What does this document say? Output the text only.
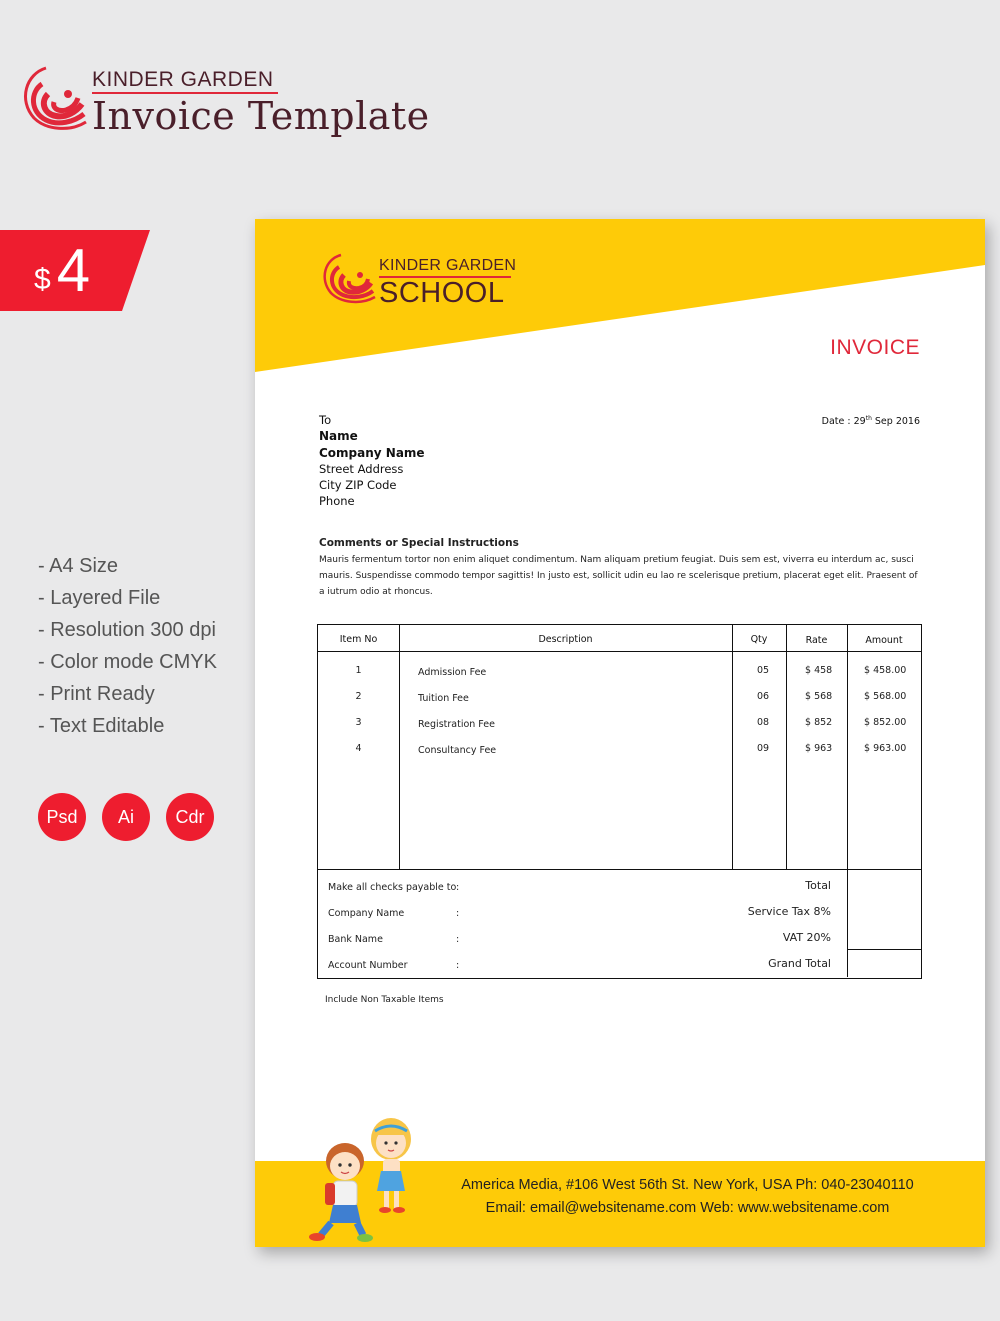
KINDER GARDEN
Invoice Template
$ 4
- A4 Size
- Layered File
- Resolution 300 dpi
- Color mode CMYK
- Print Ready
- Text Editable
Psd	Ai	Cdr
KINDER GARDEN
SCHOOL
INVOICE
To
Name
Company Name
Street Address
City ZIP Code
Phone
Date : 29th Sep 2016
Comments or Special Instructions

Mauris fermentum tortor non enim aliquet condimentum. Nam aliquam pretium feugiat. Duis sem est, viverra eu interdum ac, susci mauris. Suspendisse commodo tempor sagittis! In justo est, sollicit udin eu lao re scelerisque pretium, placerat eget elit. Praesent of a iutrum odio at rhoncus.

Item No	Description	Qty	Rate	Amount
1	Admission Fee	05	$ 458	$ 458.00
2	Tuition Fee	06	$ 568	$ 568.00
3	Registration Fee	08	$ 852	$ 852.00
4	Consultancy Fee	09	$ 963	$ 963.00
Make all checks payable to :
Company Name	:
Bank Name	:
Account Number	:
Total
Service Tax 8%
VAT 20%
Grand Total
Include Non Taxable Items
America Media, #106 West 56th St. New York, USA Ph: 040-23040110
Email: email@websitename.com Web: www.websitename.com
